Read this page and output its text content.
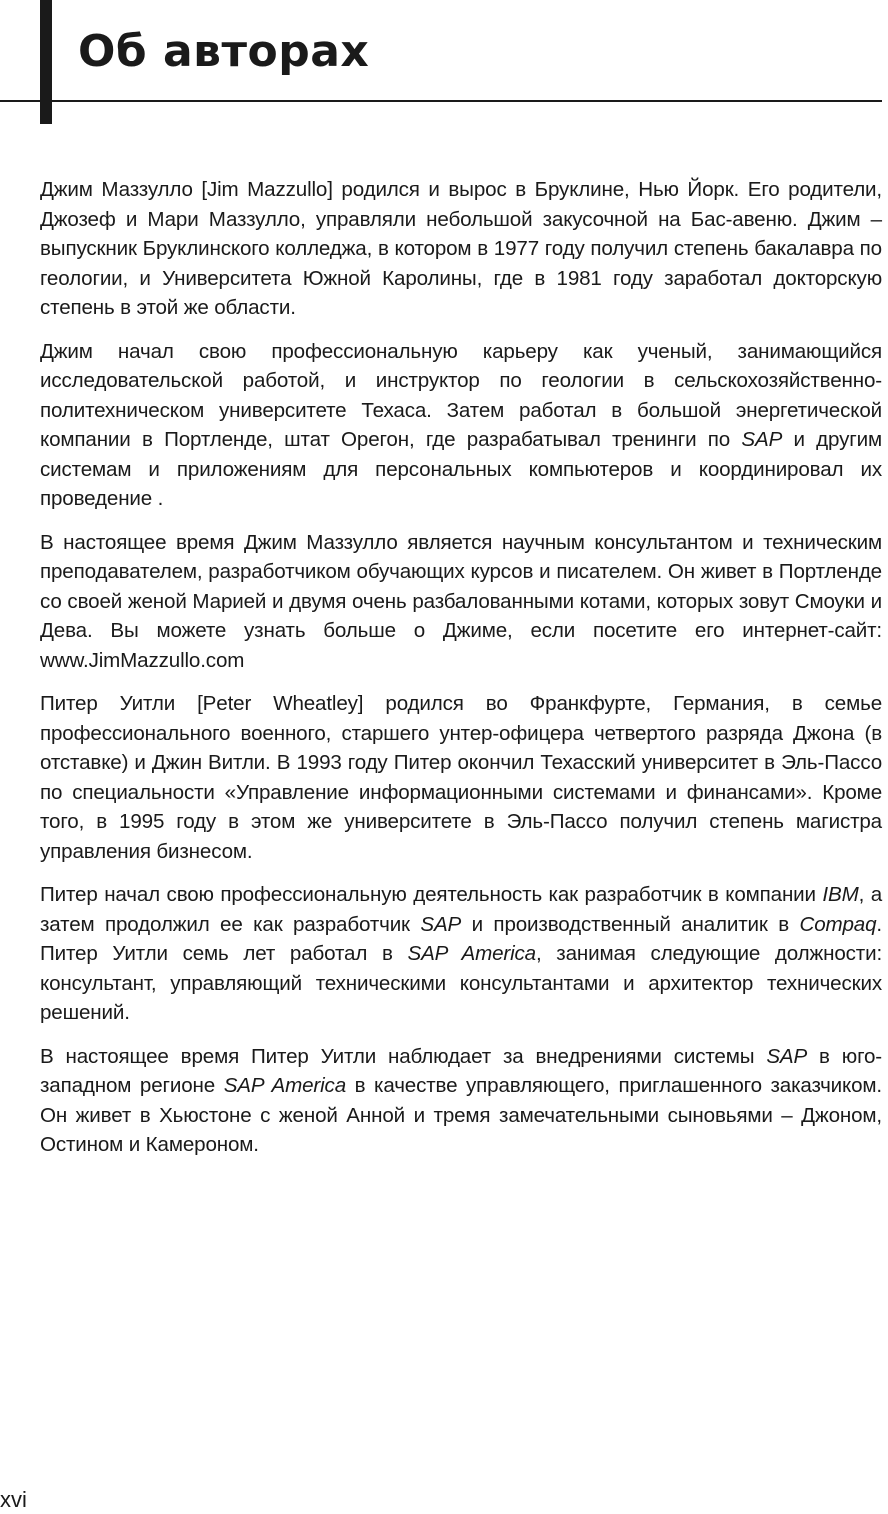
Об авторах

Джим Маззулло [Jim Mazzullo] родился и вырос в Бруклине, Нью Йорк. Его родители, Джозеф и Мари Маззулло, управляли небольшой закусочной на Бас-авеню. Джим – выпускник Бруклинского колледжа, в котором в 1977 году получил степень бакалавра по геологии, и Университета Южной Каролины, где в 1981 году заработал докторскую степень в этой же области.

Джим начал свою профессиональную карьеру как ученый, занимающийся исследовательской работой, и инструктор по геологии в сельскохозяйственно-политехническом университете Техаса. Затем работал в большой энергетической компании в Портленде, штат Орегон, где разрабатывал тренинги по SAP и другим системам и приложениям для персональных компьютеров и координировал их проведение .

В настоящее время Джим Маззулло является научным консультантом и техническим преподавателем, разработчиком обучающих курсов и писателем. Он живет в Портленде со своей женой Марией и двумя очень разбалованными котами, которых зовут Смоуки и Дева. Вы можете узнать больше о Джиме, если посетите его интернет-сайт: www.JimMazzullo.com

Питер Уитли [Peter Wheatley] родился во Франкфурте, Германия, в семье профессионального военного, старшего унтер-офицера четвертого разряда Джона (в отставке) и Джин Витли. В 1993 году Питер окончил Техасский университет в Эль-Пассо по специальности «Управление информационными системами и финансами». Кроме того, в 1995 году в этом же университете в Эль-Пассо получил степень магистра управления бизнесом.

Питер начал свою профессиональную деятельность как разработчик в компании IBM, а затем продолжил ее как разработчик SAP и производственный аналитик в Compaq. Питер Уитли семь лет работал в SAP America, занимая следующие должности: консультант, управляющий техническими консультантами и архитектор технических решений.

В настоящее время Питер Уитли наблюдает за внедрениями системы SAP в юго-западном регионе SAP America в качестве управляющего, приглашенного заказчиком. Он живет в Хьюстоне с женой Анной и тремя замечательными сыновьями – Джоном, Остином и Камероном.

xvi
